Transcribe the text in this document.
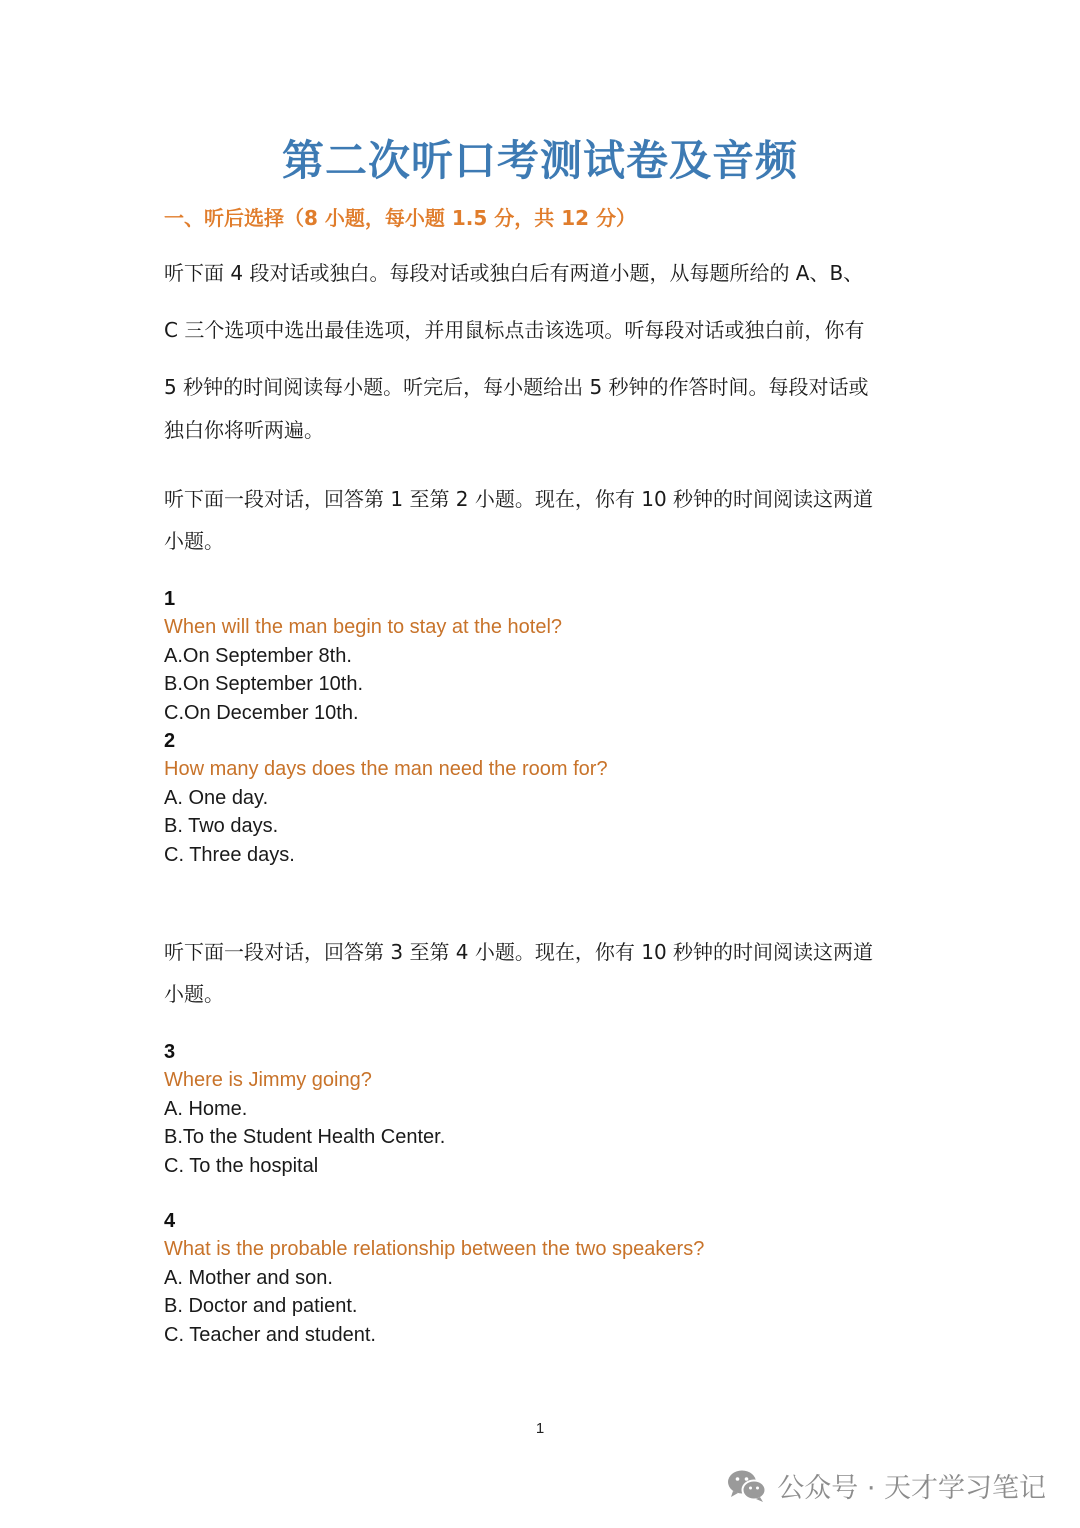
第二次听口考测试卷及音频
一、听后选择（8 小题，每小题 1.5 分，共 12 分）
听下面 4 段对话或独白。每段对话或独白后有两道小题，从每题所给的 A、B、
C 三个选项中选出最佳选项，并用鼠标点击该选项。听每段对话或独白前，你有
5 秒钟的时间阅读每小题。听完后，每小题给出 5 秒钟的作答时间。每段对话或
独白你将听两遍。
听下面一段对话，回答第 1 至第 2 小题。现在，你有 10 秒钟的时间阅读这两道
小题。
1
When will the man begin to stay at the hotel?
A.On September 8th.
B.On September 10th.
C.On December 10th.
2
How many days does the man need the room for?
A. One day.
B. Two days.
C. Three days.
听下面一段对话，回答第 3 至第 4 小题。现在，你有 10 秒钟的时间阅读这两道
小题。
3
Where is Jimmy going?
A. Home.
B.To the Student Health Center.
C. To the hospital
4
What is the probable relationship between the two speakers?
A. Mother and son.
B. Doctor and patient.
C. Teacher and student.
1
公众号 · 天才学习笔记
